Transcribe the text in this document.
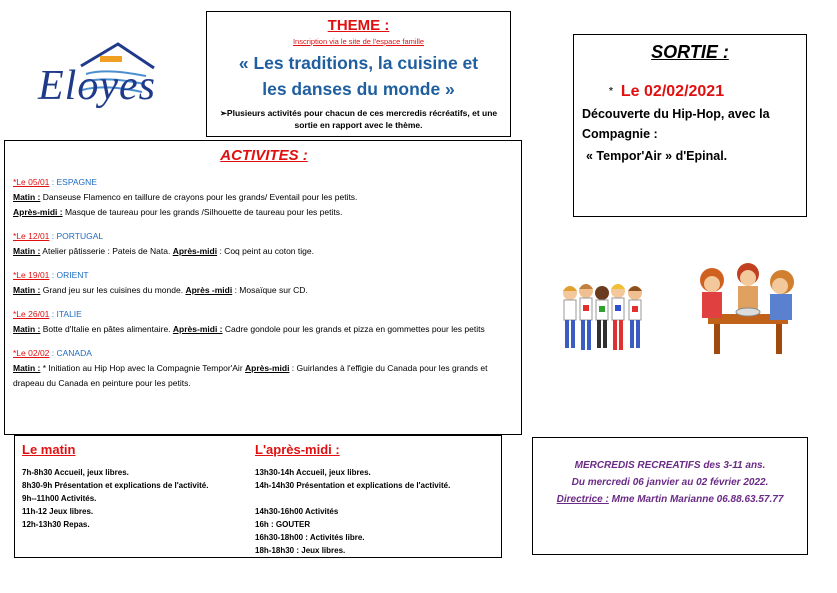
Eloyes
THEME :
Inscription via le site de l'espace famille
« Les traditions, la cuisine et
les danses du monde »
➢Plusieurs activités pour chacun de ces mercredis récréatifs, et une sortie en rapport avec le thème.
SORTIE :
* Le 02/02/2021
Découverte du Hip-Hop, avec la Compagnie :
« Tempor'Air » d'Epinal.
ACTIVITES :
*Le 05/01 : ESPAGNE
Matin : Danseuse Flamenco en taillure de crayons pour les grands/ Eventail pour les petits.
Après-midi : Masque de taureau pour les grands /Silhouette de taureau pour les petits.
*Le 12/01 : PORTUGAL
Matin : Atelier pâtisserie : Pateis de Nata. Après-midi : Coq peint au coton tige.
*Le 19/01 : ORIENT
Matin : Grand jeu sur les cuisines du monde. Après -midi : Mosaïque sur CD.
*Le 26/01 : ITALIE
Matin : Botte d'Italie en pâtes alimentaire. Après-midi : Cadre gondole pour les grands et pizza en gommettes pour les petits
*Le 02/02 : CANADA
Matin : * Initiation au Hip Hop avec la Compagnie Tempor'Air Après-midi : Guirlandes à l'effigie du Canada pour les grands et drapeau du Canada en peinture pour les petits.
Le matin
7h-8h30 Accueil, jeux libres.
8h30-9h Présentation et explications de l'activité.
9h--11h00 Activités.
11h-12 Jeux libres.
12h-13h30 Repas.
L'après-midi :
13h30-14h Accueil, jeux libres.
14h-14h30 Présentation et explications de l'activité.
14h30-16h00 Activités
16h : GOUTER
16h30-18h00 : Activités libre.
18h-18h30 : Jeux libres.
MERCREDIS RECREATIFS des 3-11 ans.
Du mercredi 06 janvier au 02 février 2022.
Directrice : Mme Martin Marianne 06.88.63.57.77
